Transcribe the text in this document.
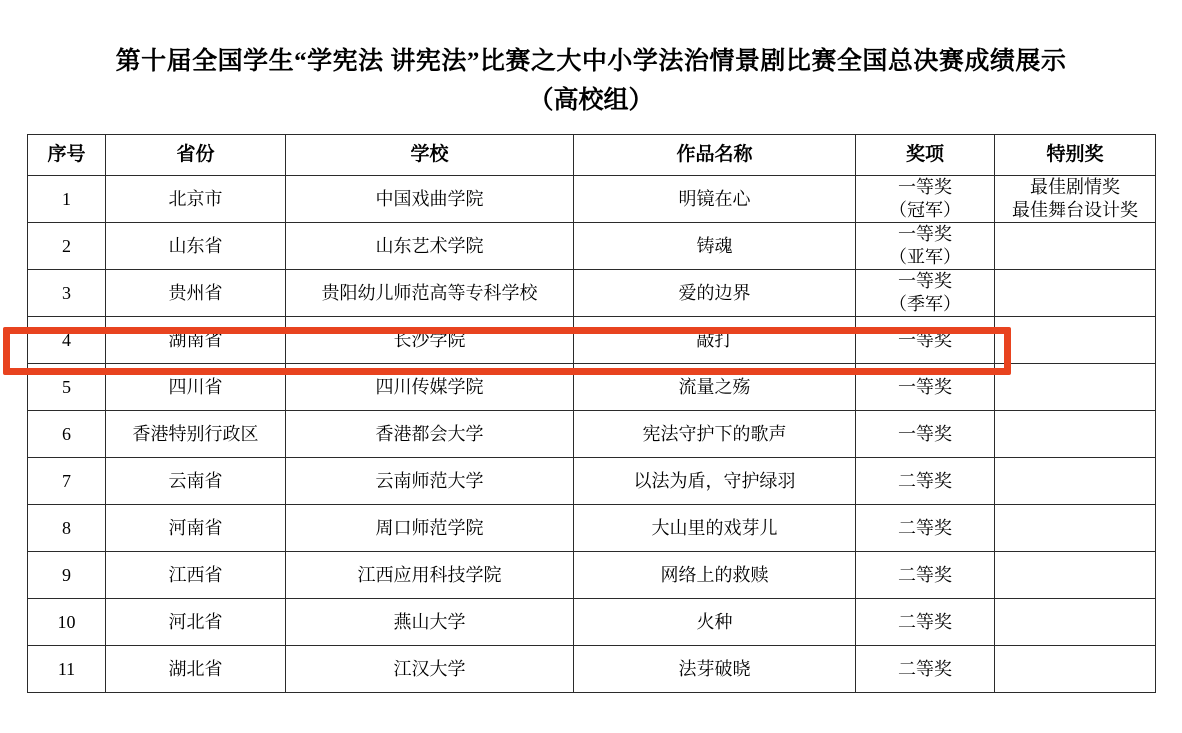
第十届全国学生“学宪法 讲宪法”比赛之大中小学法治情景剧比赛全国总决赛成绩展示
（高校组）
序号	省份	学校	作品名称	奖项	特别奖
1	北京市	中国戏曲学院	明镜在心	一等奖
（冠军）	最佳剧情奖
最佳舞台设计奖

2	山东省	山东艺术学院	铸魂	一等奖
（亚军）	

3	贵州省	贵阳幼儿师范高等专科学校	爱的边界	一等奖
（季军）	

4	湖南省	长沙学院	敲打	一等奖	
5	四川省	四川传媒学院	流量之殇	一等奖	
6	香港特别行政区	香港都会大学	宪法守护下的歌声	一等奖	
7	云南省	云南师范大学	以法为盾，守护绿羽	二等奖	
8	河南省	周口师范学院	大山里的戏芽儿	二等奖	
9	江西省	江西应用科技学院	网络上的救赎	二等奖	
10	河北省	燕山大学	火种	二等奖	
11	湖北省	江汉大学	法芽破晓	二等奖	
